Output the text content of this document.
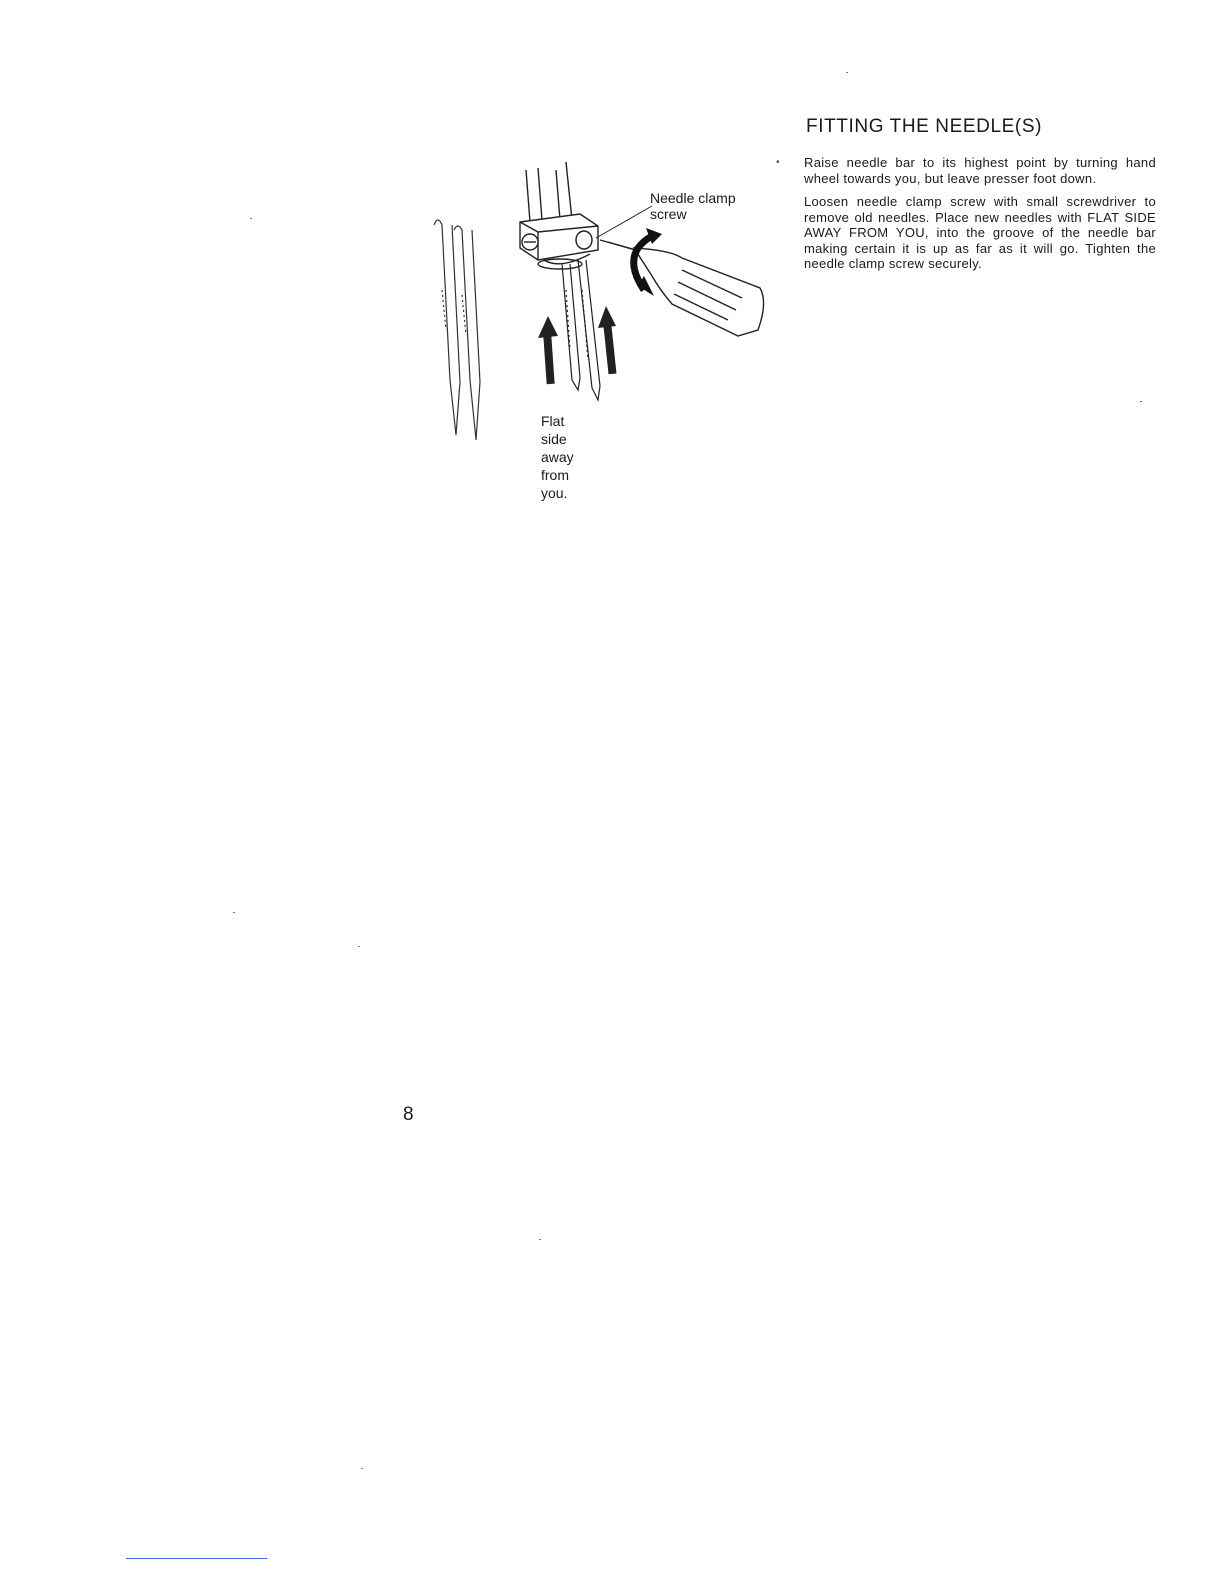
FITTING THE NEEDLE(S)
• Raise needle bar to its highest point by turning hand wheel towards you, but leave presser foot down.

Loosen needle clamp screw with small screwdriver to remove old needles. Place new needles with FLAT SIDE AWAY FROM YOU, into the groove of the needle bar making certain it is up as far as it will go. Tighten the needle clamp screw securely.

Needle clamp
screw
Flat
side
away
from
you.
8
